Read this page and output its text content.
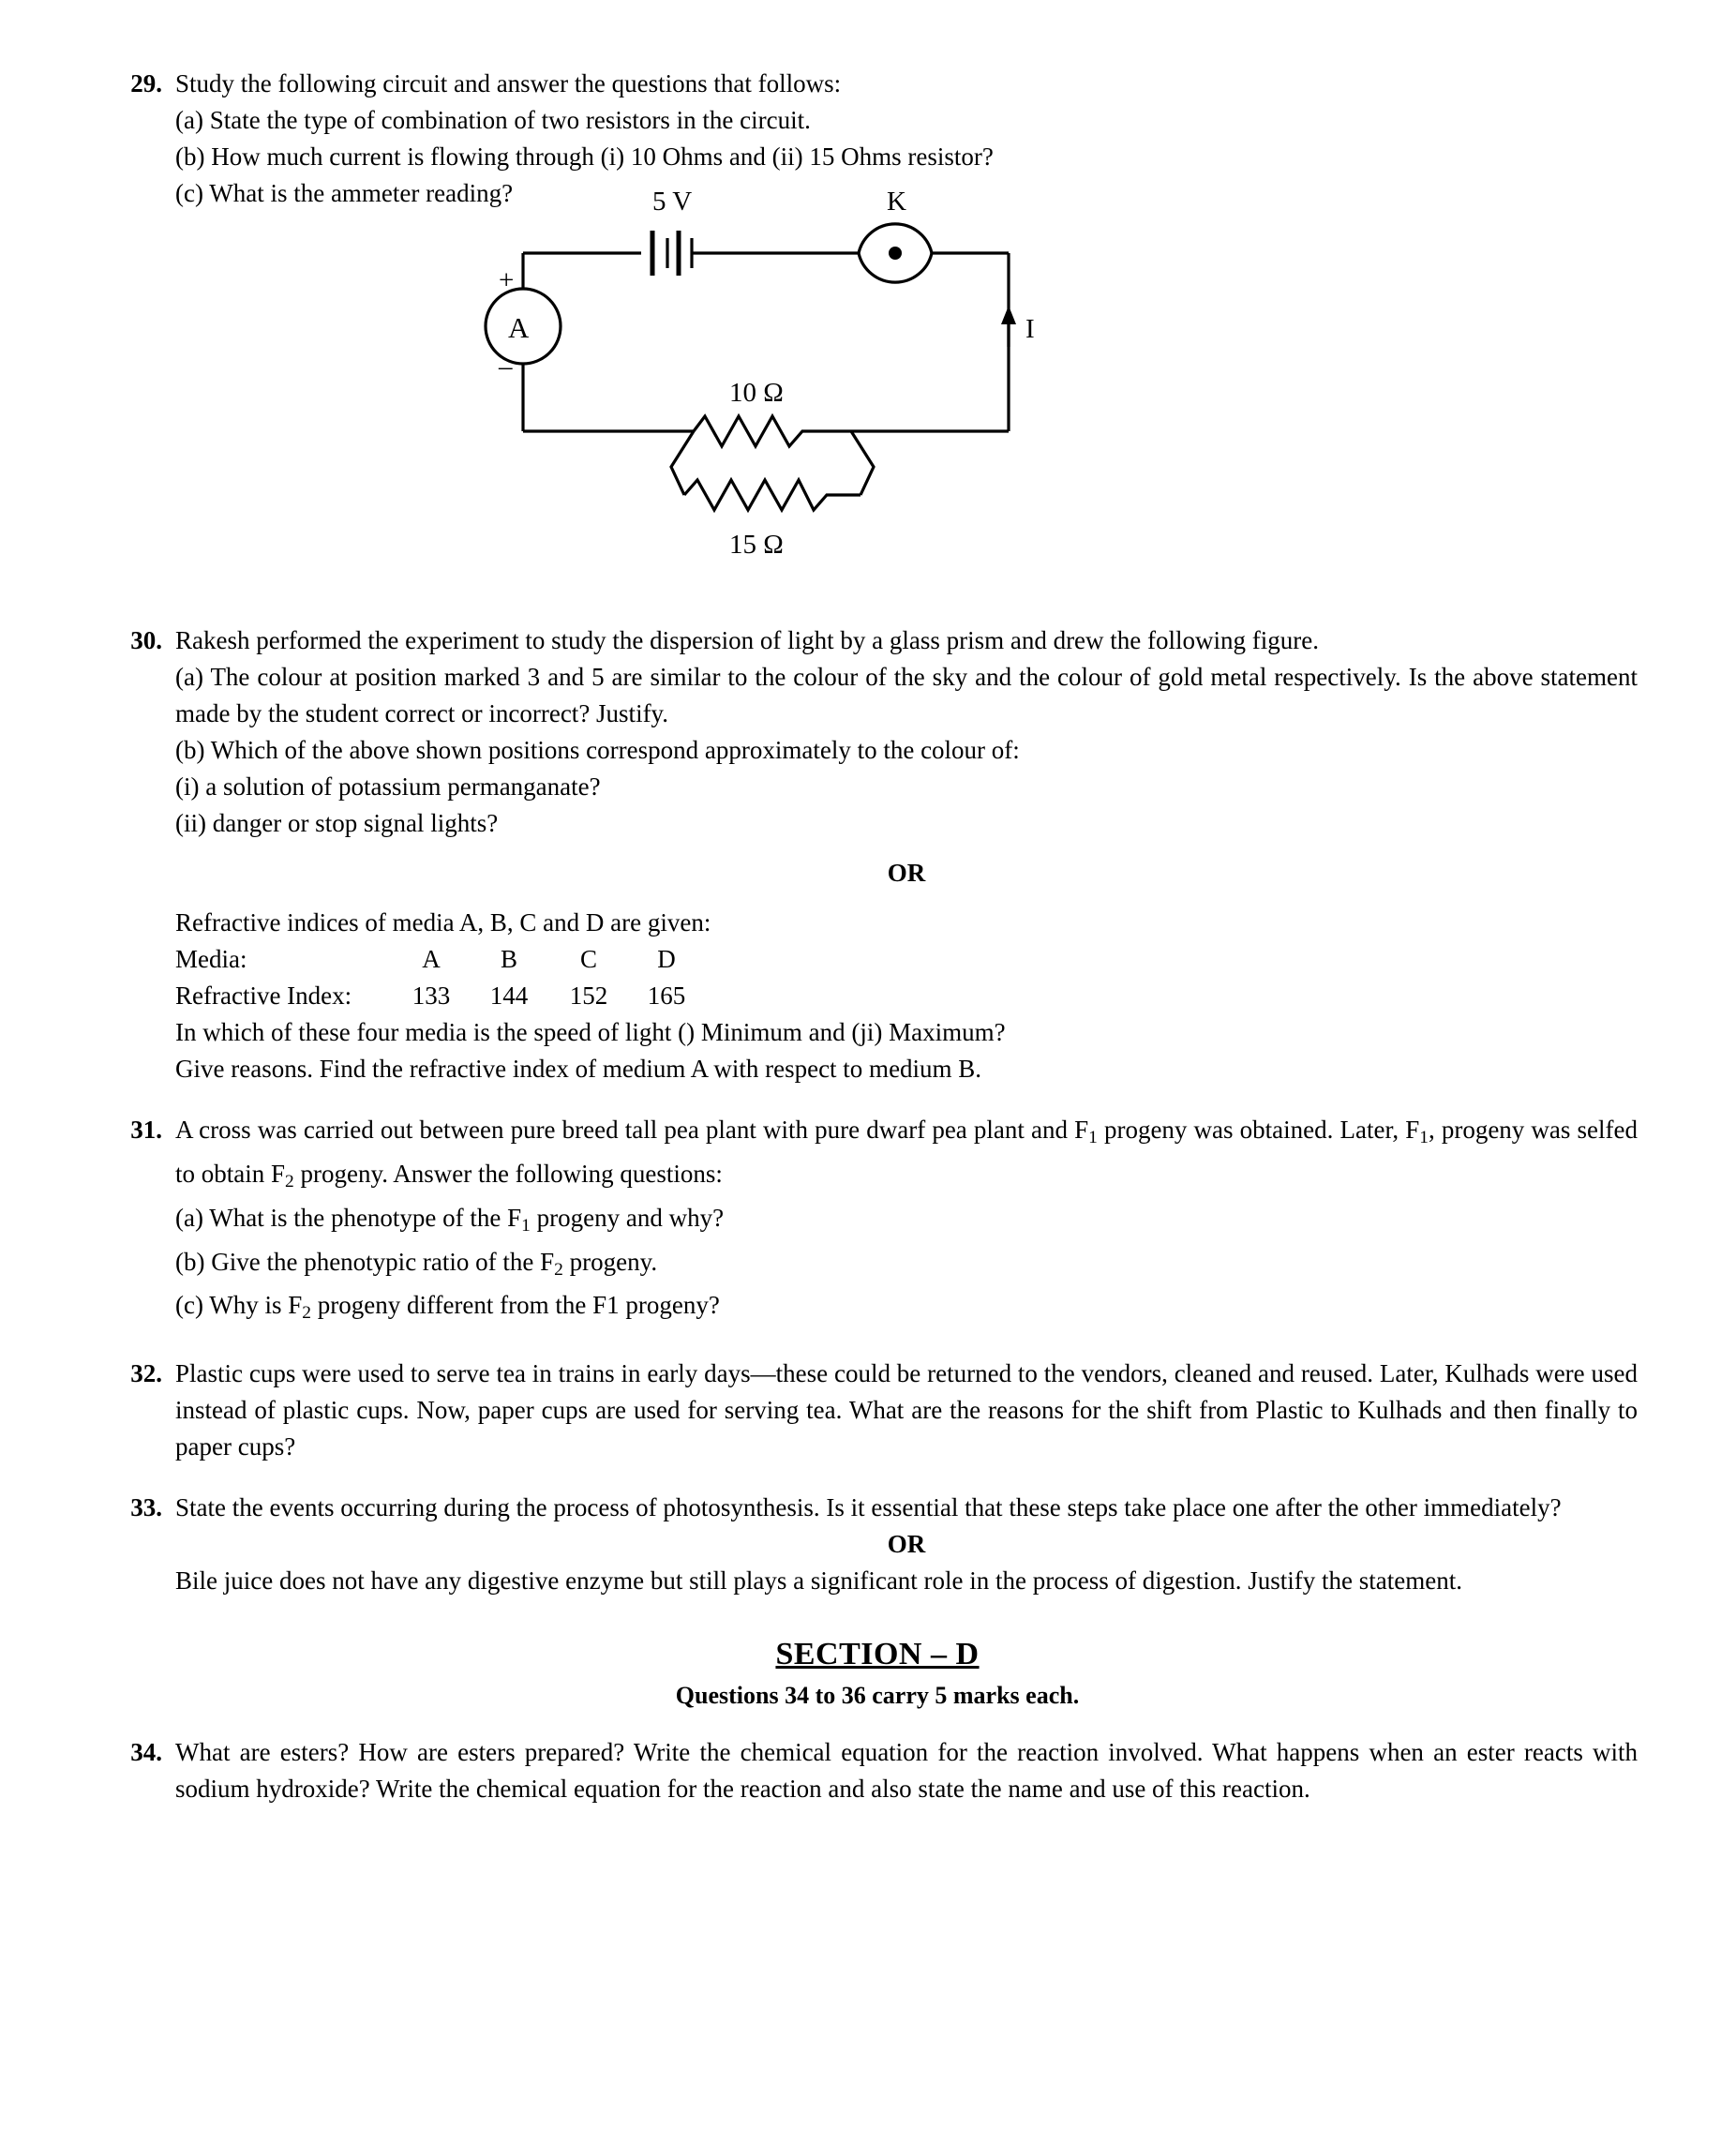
29. Study the following circuit and answer the questions that follows:
(a) State the type of combination of two resistors in the circuit.
(b) How much current is flowing through (i) 10 Ohms and (ii) 15 Ohms resistor?
(c) What is the ammeter reading?	5 V	K
A
+
–
I
10 Ω
15 Ω
30. Rakesh performed the experiment to study the dispersion of light by a glass prism and drew the following figure.
(a) The colour at position marked 3 and 5 are similar to the colour of the sky and the colour of gold metal respectively. Is the above statement made by the student correct or incorrect? Justify.
(b) Which of the above shown positions correspond approximately to the colour of:
(i) a solution of potassium permanganate?
(ii) danger or stop signal lights?
OR
Refractive indices of media A, B, C and D are given:
Media:	A B C D
Refractive Index: 133 144 152 165
In which of these four media is the speed of light () Minimum and (ji) Maximum?
Give reasons. Find the refractive index of medium A with respect to medium B.
31. A cross was carried out between pure breed tall pea plant with pure dwarf pea plant and $F_1$ progeny was obtained. Later, $F_1$, progeny was selfed to obtain $F_2$ progeny. Answer the following questions:
(a) What is the phenotype of the $F_1$ progeny and why?
(b) Give the phenotypic ratio of the $F_2$ progeny.
(c) Why is $F_2$ progeny different from the F1 progeny?
32. Plastic cups were used to serve tea in trains in early days—these could be returned to the vendors, cleaned and reused. Later, Kulhads were used instead of plastic cups. Now, paper cups are used for serving tea. What are the reasons for the shift from Plastic to Kulhads and then finally to paper cups?
33. State the events occurring during the process of photosynthesis. Is it essential that these steps take place one after the other immediately?
OR
Bile juice does not have any digestive enzyme but still plays a significant role in the process of digestion. Justify the statement.
SECTION – D
Questions 34 to 36 carry 5 marks each.
34. What are esters? How are esters prepared? Write the chemical equation for the reaction involved. What happens when an ester reacts with sodium hydroxide? Write the chemical equation for the reaction and also state the name and use of this reaction.
